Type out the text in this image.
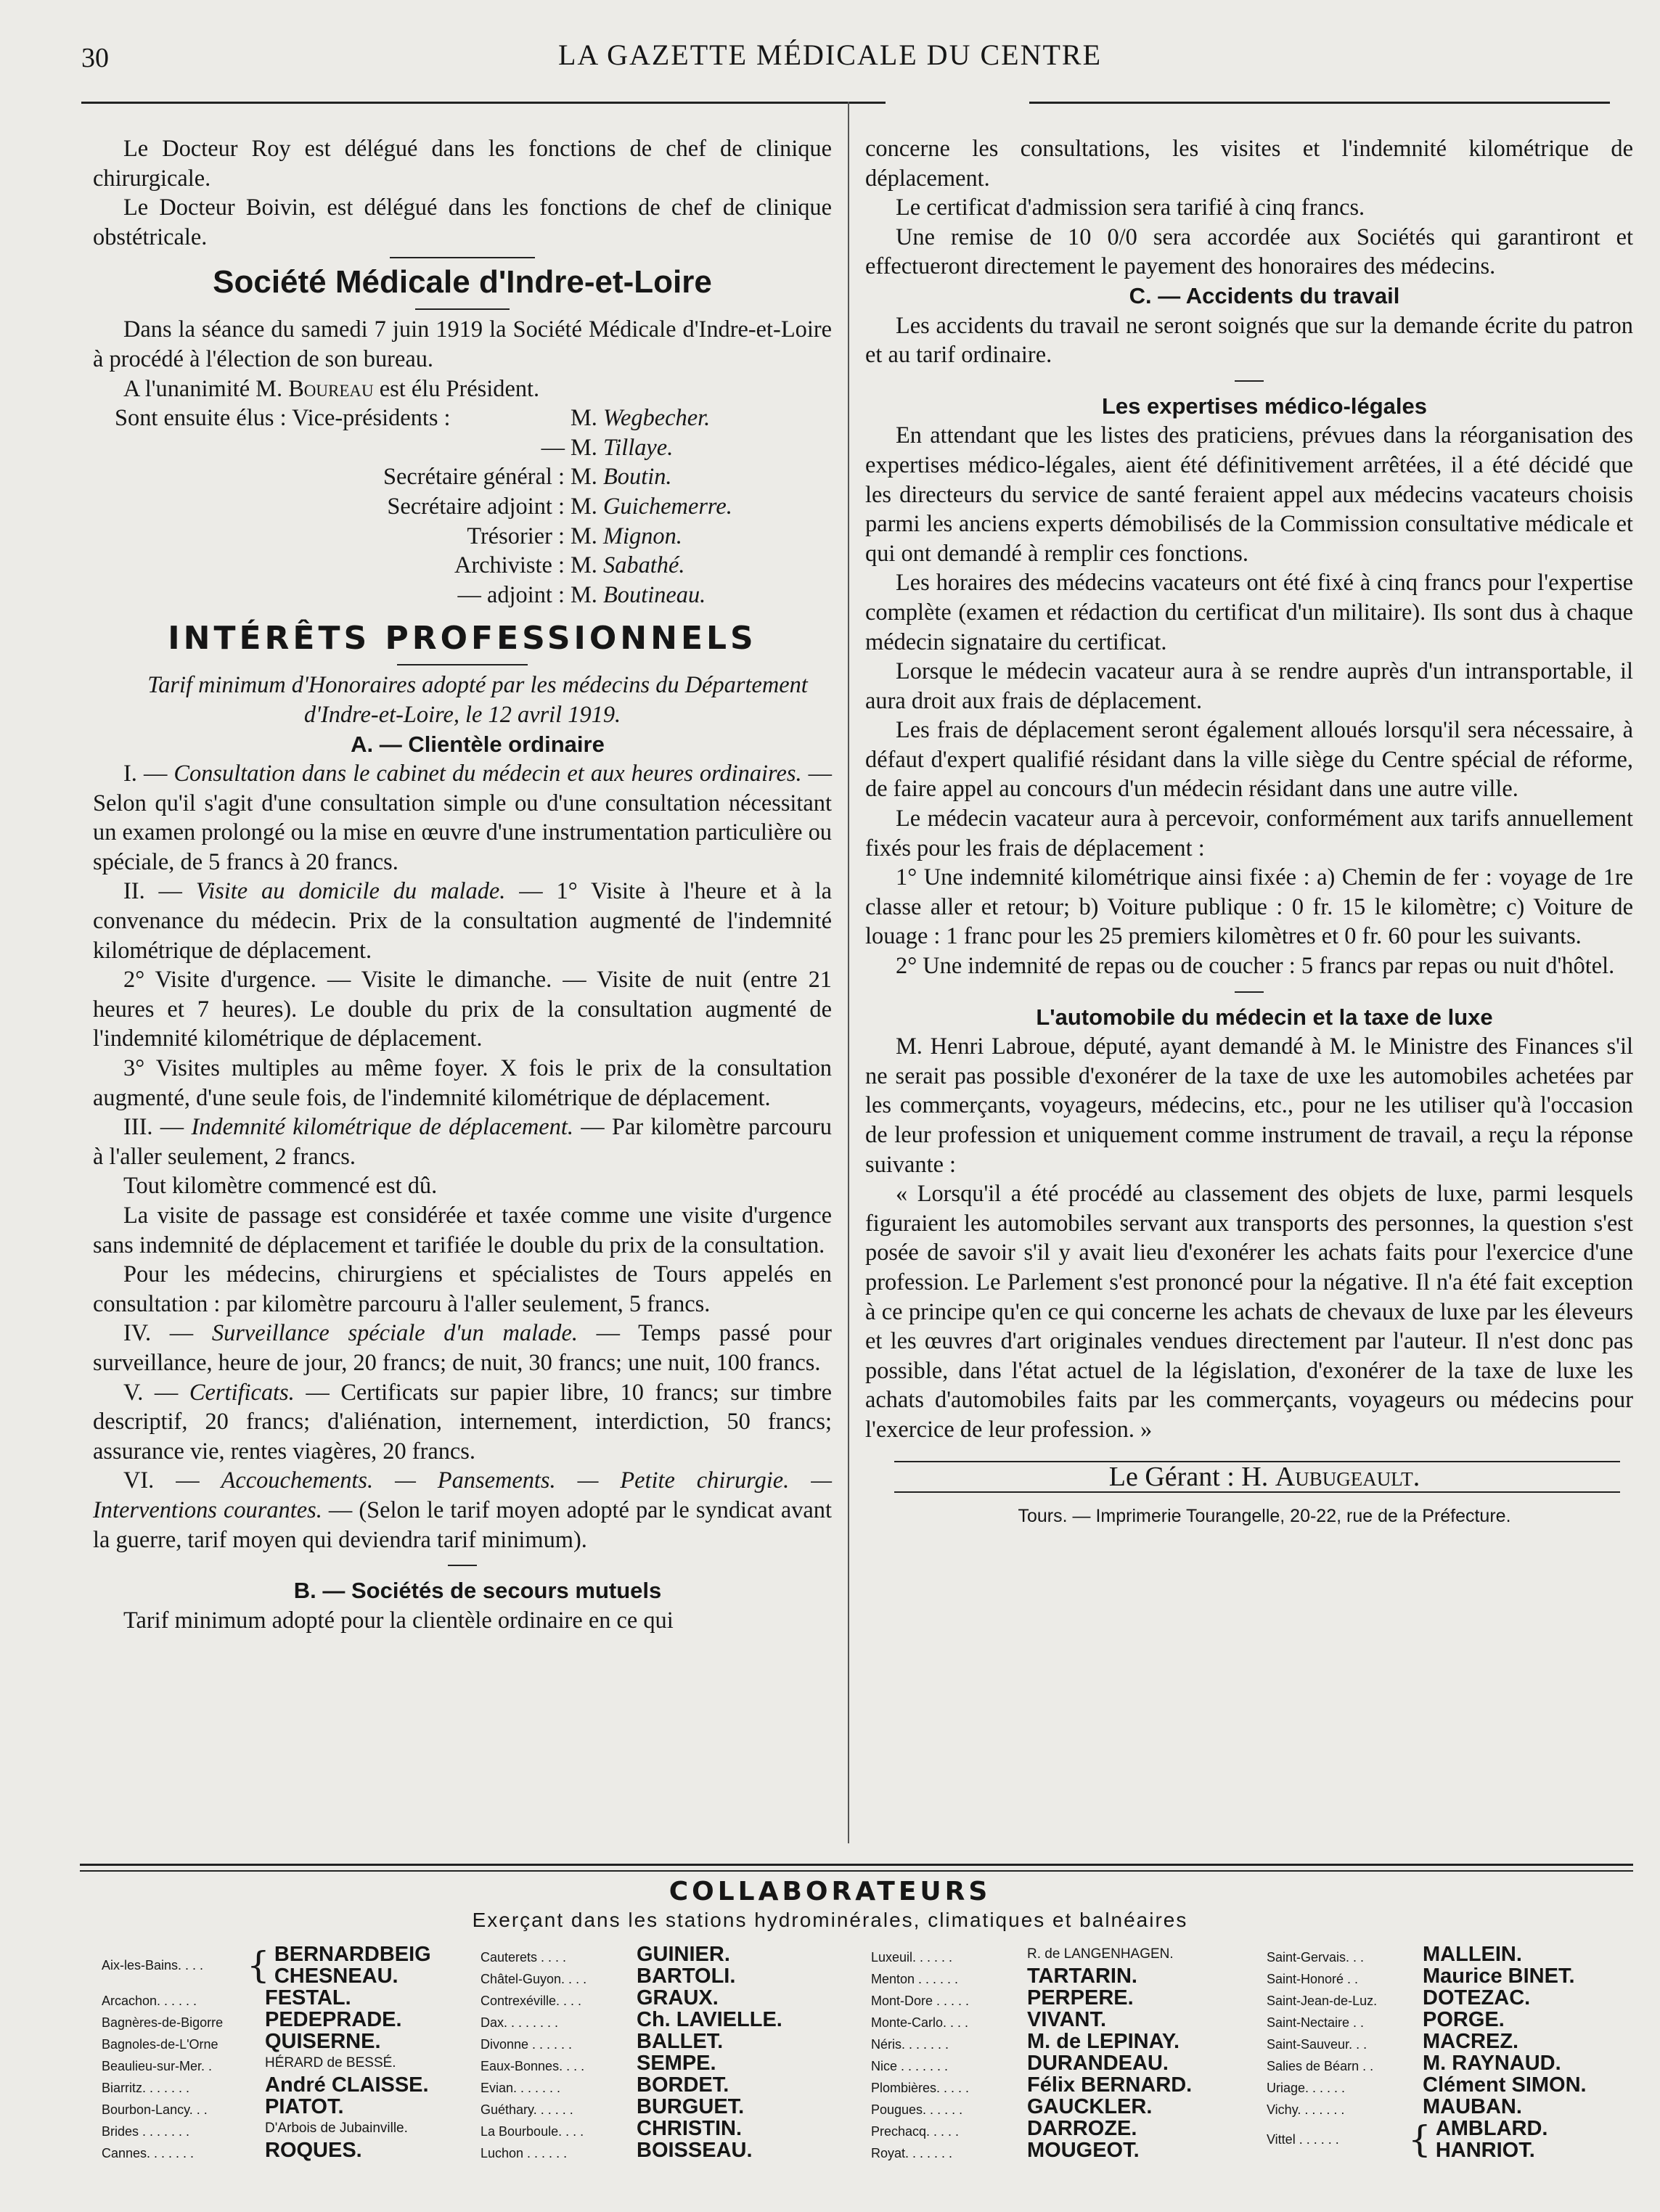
30	LA GAZETTE MÉDICALE DU CENTRE

Le Docteur Roy est délégué dans les fonctions de chef de clinique chirurgicale.

Le Docteur Boivin, est délégué dans les fonctions de chef de clinique obstétricale.

Société Médicale d'Indre-et-Loire

Dans la séance du samedi 7 juin 1919 la Société Médicale d'Indre-et-Loire à procédé à l'élection de son bureau.

A l'unanimité M. Boureau est élu Président.

Sont ensuite élus : Vice-présidents :	M. Wegbecher.
—	M. Tillaye.
Secrétaire général :	M. Boutin.
Secrétaire adjoint :	M. Guichemerre.
Trésorier :	M. Mignon.
Archiviste :	M. Sabathé.
— adjoint :	M. Boutineau.
INTÉRÊTS PROFESSIONNELS

Tarif minimum d'Honoraires adopté par les médecins du Département d'Indre-et-Loire, le 12 avril 1919.

A. — Clientèle ordinaire

I. — Consultation dans le cabinet du médecin et aux heures ordinaires. — Selon qu'il s'agit d'une consultation simple ou d'une consultation nécessitant un examen prolongé ou la mise en œuvre d'une instrumentation particulière ou spéciale, de 5 francs à 20 francs.

II. — Visite au domicile du malade. — 1° Visite à l'heure et à la convenance du médecin. Prix de la consultation augmenté de l'indemnité kilométrique de déplacement.

2° Visite d'urgence. — Visite le dimanche. — Visite de nuit (entre 21 heures et 7 heures). Le double du prix de la consultation augmenté de l'indemnité kilométrique de déplacement.

3° Visites multiples au même foyer. X fois le prix de la consultation augmenté, d'une seule fois, de l'indemnité kilométrique de déplacement.

III. — Indemnité kilométrique de déplacement. — Par kilomètre parcouru à l'aller seulement, 2 francs.

Tout kilomètre commencé est dû.

La visite de passage est considérée et taxée comme une visite d'urgence sans indemnité de déplacement et tarifiée le double du prix de la consultation.

Pour les médecins, chirurgiens et spécialistes de Tours appelés en consultation : par kilomètre parcouru à l'aller seulement, 5 francs.

IV. — Surveillance spéciale d'un malade. — Temps passé pour surveillance, heure de jour, 20 francs; de nuit, 30 francs; une nuit, 100 francs.

V. — Certificats. — Certificats sur papier libre, 10 francs; sur timbre descriptif, 20 francs; d'aliénation, internement, interdiction, 50 francs; assurance vie, rentes viagères, 20 francs.

VI. — Accouchements. — Pansements. — Petite chirurgie. — Interventions courantes. — (Selon le tarif moyen adopté par le syndicat avant la guerre, tarif moyen qui deviendra tarif minimum).

B. — Sociétés de secours mutuels

Tarif minimum adopté pour la clientèle ordinaire en ce qui

concerne les consultations, les visites et l'indemnité kilométrique de déplacement.

Le certificat d'admission sera tarifié à cinq francs.

Une remise de 10 0/0 sera accordée aux Sociétés qui garantiront et effectueront directement le payement des honoraires des médecins.

C. — Accidents du travail

Les accidents du travail ne seront soignés que sur la demande écrite du patron et au tarif ordinaire.

Les expertises médico-légales

En attendant que les listes des praticiens, prévues dans la réorganisation des expertises médico-légales, aient été définitivement arrêtées, il a été décidé que les directeurs du service de santé feraient appel aux médecins vacateurs choisis parmi les anciens experts démobilisés de la Commission consultative médicale et qui ont demandé à remplir ces fonctions.

Les horaires des médecins vacateurs ont été fixé à cinq francs pour l'expertise complète (examen et rédaction du certificat d'un militaire). Ils sont dus à chaque médecin signataire du certificat.

Lorsque le médecin vacateur aura à se rendre auprès d'un intransportable, il aura droit aux frais de déplacement.

Les frais de déplacement seront également alloués lorsqu'il sera nécessaire, à défaut d'expert qualifié résidant dans la ville siège du Centre spécial de réforme, de faire appel au concours d'un médecin résidant dans une autre ville.

Le médecin vacateur aura à percevoir, conformément aux tarifs annuellement fixés pour les frais de déplacement :

1° Une indemnité kilométrique ainsi fixée : a) Chemin de fer : voyage de 1re classe aller et retour; b) Voiture publique : 0 fr. 15 le kilomètre; c) Voiture de louage : 1 franc pour les 25 premiers kilomètres et 0 fr. 60 pour les suivants.

2° Une indemnité de repas ou de coucher : 5 francs par repas ou nuit d'hôtel.

L'automobile du médecin et la taxe de luxe

M. Henri Labroue, député, ayant demandé à M. le Ministre des Finances s'il ne serait pas possible d'exonérer de la taxe de uxe les automobiles achetées par les commerçants, voyageurs, médecins, etc., pour ne les utiliser qu'à l'occasion de leur profession et uniquement comme instrument de travail, a reçu la réponse suivante :

« Lorsqu'il a été procédé au classement des objets de luxe, parmi lesquels figuraient les automobiles servant aux transports des personnes, la question s'est posée de savoir s'il y avait lieu d'exonérer les achats faits pour l'exercice d'une profession. Le Parlement s'est prononcé pour la négative. Il n'a été fait exception à ce principe qu'en ce qui concerne les achats de chevaux de luxe par les éleveurs et les œuvres d'art originales vendues directement par l'auteur. Il n'est donc pas possible, dans l'état actuel de la législation, d'exonérer de la taxe de luxe les achats d'automobiles faits par les commerçants, voyageurs ou médecins pour l'exercice de leur profession. »

Le Gérant : H. Aubugeault.

Tours. — Imprimerie Tourangelle, 20-22, rue de la Préfecture.

COLLABORATEURS
Exerçant dans les stations hydrominérales, climatiques et balnéaires
Aix-les-Bains. . . .	{ BERNARDBEIG
CHESNEAU.
Arcachon. . . . . .	FESTAL.
Bagnères-de-Bigorre	PEDEPRADE.
Bagnoles-de-L'Orne	QUISERNE.
Beaulieu-sur-Mer. .	HÉRARD de BESSÉ.
Biarritz. . . . . . .	André CLAISSE.
Bourbon-Lancy. . .	PIATOT.
Brides . . . . . . .	D'Arbois de Jubainville.
Cannes. . . . . . .	ROQUES.
Cauterets . . . .	GUINIER.
Châtel-Guyon. . . .	BARTOLI.
Contrexéville. . . .	GRAUX.
Dax. . . . . . . .	Ch. LAVIELLE.
Divonne . . . . . .	BALLET.
Eaux-Bonnes. . . .	SEMPE.
Evian. . . . . . .	BORDET.
Guéthary. . . . . .	BURGUET.
La Bourboule. . . .	CHRISTIN.
Luchon . . . . . .	BOISSEAU.
Luxeuil. . . . . .	R. de LANGENHAGEN.
Menton . . . . . .	TARTARIN.
Mont-Dore . . . . .	PERPERE.
Monte-Carlo. . . .	VIVANT.
Néris. . . . . . .	M. de LEPINAY.
Nice . . . . . . .	DURANDEAU.
Plombières. . . . .	Félix BERNARD.
Pougues. . . . . .	GAUCKLER.
Prechacq. . . . .	DARROZE.
Royat. . . . . . .	MOUGEOT.
Saint-Gervais. . .	MALLEIN.
Saint-Honoré . .	Maurice BINET.
Saint-Jean-de-Luz.	DOTEZAC.
Saint-Nectaire . .	PORGE.
Saint-Sauveur. . .	MACREZ.
Salies de Béarn . .	M. RAYNAUD.
Uriage. . . . . .	Clément SIMON.
Vichy. . . . . . .	MAUBAN.
Vittel . . . . . .	{ AMBLARD.
HANRIOT.
